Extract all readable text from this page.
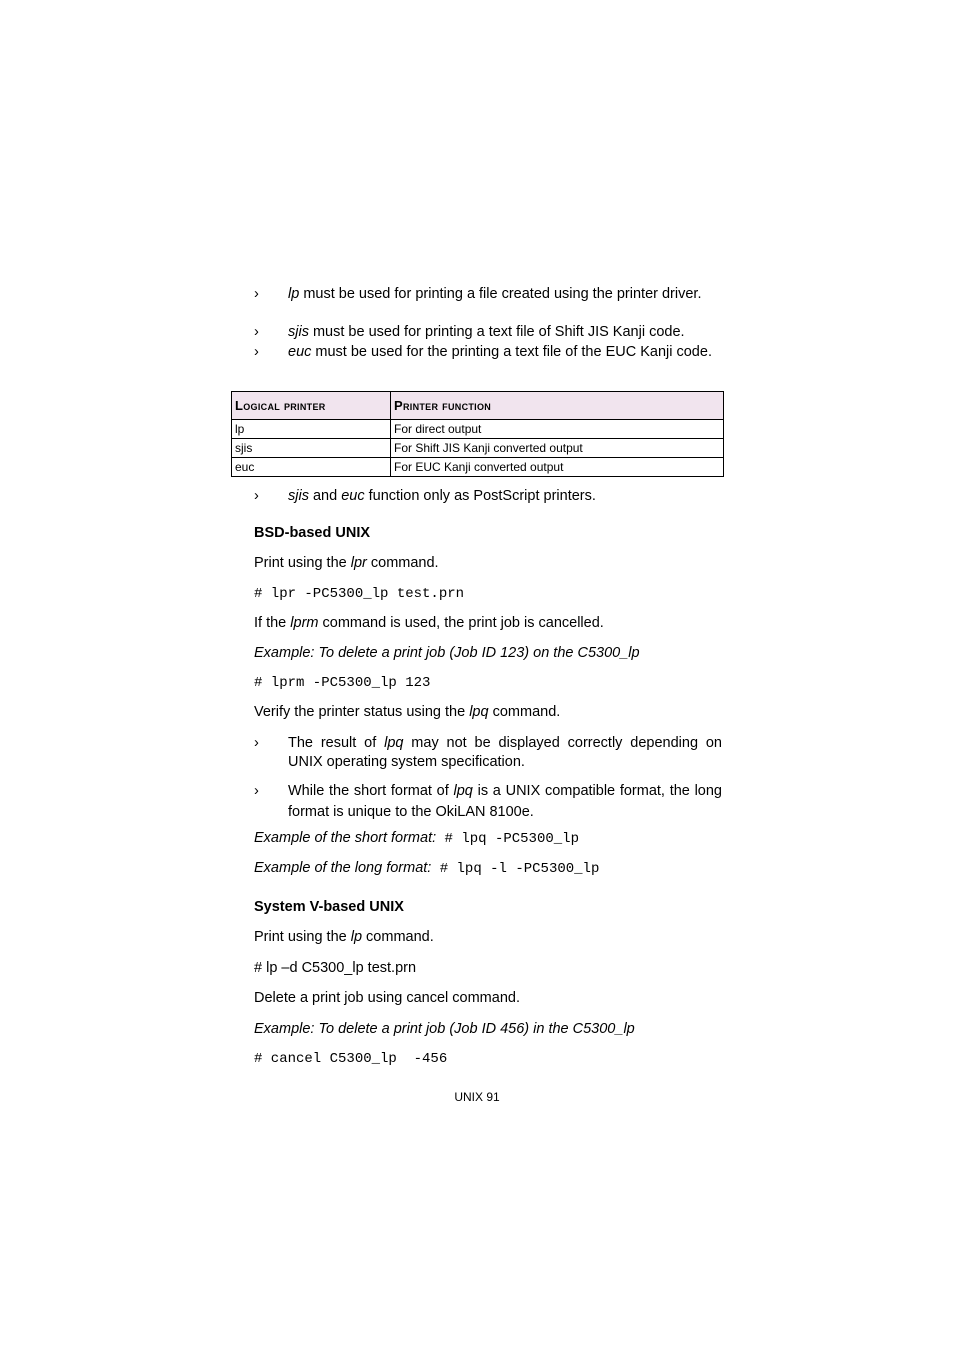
› lp must be used for printing a file created using the printer driver.
› sjis must be used for printing a text file of Shift JIS Kanji code.
› euc must be used for the printing a text file of the EUC Kanji code.
Logical printer	Printer function
lp	For direct output
sjis	For Shift JIS Kanji converted output
euc	For EUC Kanji converted output
› sjis and euc function only as PostScript printers.
BSD-based UNIX
Print using the lpr command.
# lpr -PC5300_lp test.prn
If the lprm command is used, the print job is cancelled.
Example: To delete a print job (Job ID 123) on the C5300_lp
# lprm -PC5300_lp 123
Verify the printer status using the lpq command.
› The result of lpq may not be displayed correctly depending on UNIX operating system specification.
› While the short format of lpq is a UNIX compatible format, the long format is unique to the OkiLAN 8100e.
Example of the short format: # lpq -PC5300_lp
Example of the long format: # lpq -l -PC5300_lp
System V-based UNIX
Print using the lp command.
# lp –d C5300_lp test.prn
Delete a print job using cancel command.
Example: To delete a print job (Job ID 456) in the C5300_lp
# cancel C5300_lp  -456
UNIX 91
